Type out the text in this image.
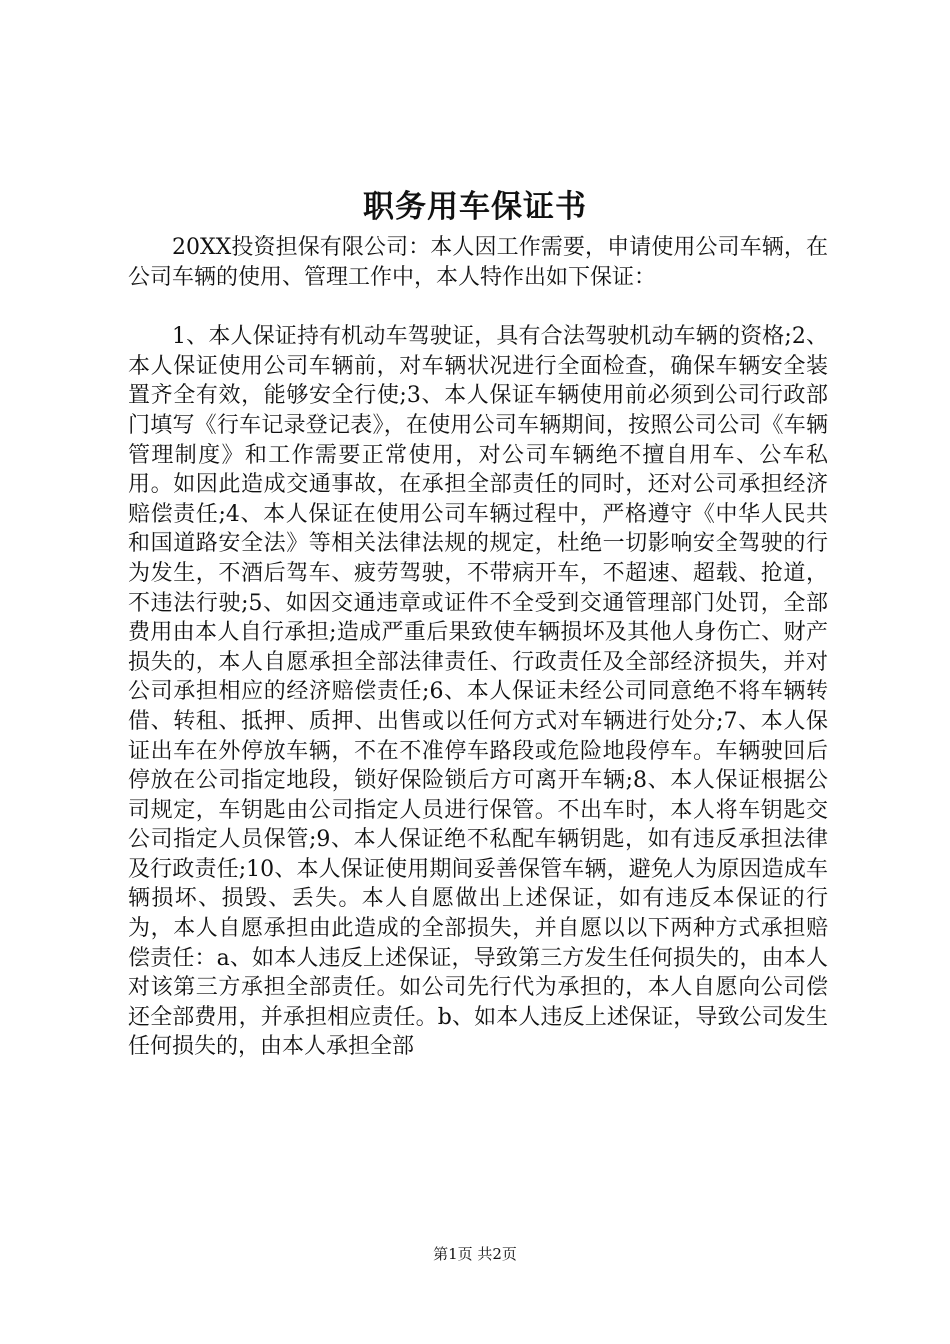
职务用车保证书

20XX投资担保有限公司：本人因工作需要，申请使用公司车辆，在公司车辆的使用、管理工作中，本人特作出如下保证：

1、本人保证持有机动车驾驶证，具有合法驾驶机动车辆的资格;2、本人保证使用公司车辆前，对车辆状况进行全面检查，确保车辆安全装置齐全有效，能够安全行使;3、本人保证车辆使用前必须到公司行政部门填写《行车记录登记表》，在使用公司车辆期间，按照公司公司《车辆管理制度》和工作需要正常使用，对公司车辆绝不擅自用车、公车私用。如因此造成交通事故，在承担全部责任的同时，还对公司承担经济赔偿责任;4、本人保证在使用公司车辆过程中，严格遵守《中华人民共和国道路安全法》等相关法律法规的规定，杜绝一切影响安全驾驶的行为发生，不酒后驾车、疲劳驾驶，不带病开车，不超速、超载、抢道，不违法行驶;5、如因交通违章或证件不全受到交通管理部门处罚，全部费用由本人自行承担;造成严重后果致使车辆损坏及其他人身伤亡、财产损失的，本人自愿承担全部法律责任、行政责任及全部经济损失，并对公司承担相应的经济赔偿责任;6、本人保证未经公司同意绝不将车辆转借、转租、抵押、质押、出售或以任何方式对车辆进行处分;7、本人保证出车在外停放车辆，不在不准停车路段或危险地段停车。车辆驶回后停放在公司指定地段，锁好保险锁后方可离开车辆;8、本人保证根据公司规定，车钥匙由公司指定人员进行保管。不出车时，本人将车钥匙交公司指定人员保管;9、本人保证绝不私配车辆钥匙，如有违反承担法律及行政责任;10、本人保证使用期间妥善保管车辆，避免人为原因造成车辆损坏、损毁、丢失。本人自愿做出上述保证，如有违反本保证的行为，本人自愿承担由此造成的全部损失，并自愿以以下两种方式承担赔偿责任：a、如本人违反上述保证，导致第三方发生任何损失的，由本人对该第三方承担全部责任。如公司先行代为承担的，本人自愿向公司偿还全部费用，并承担相应责任。b、如本人违反上述保证，导致公司发生任何损失的，由本人承担全部

第1页 共2页
